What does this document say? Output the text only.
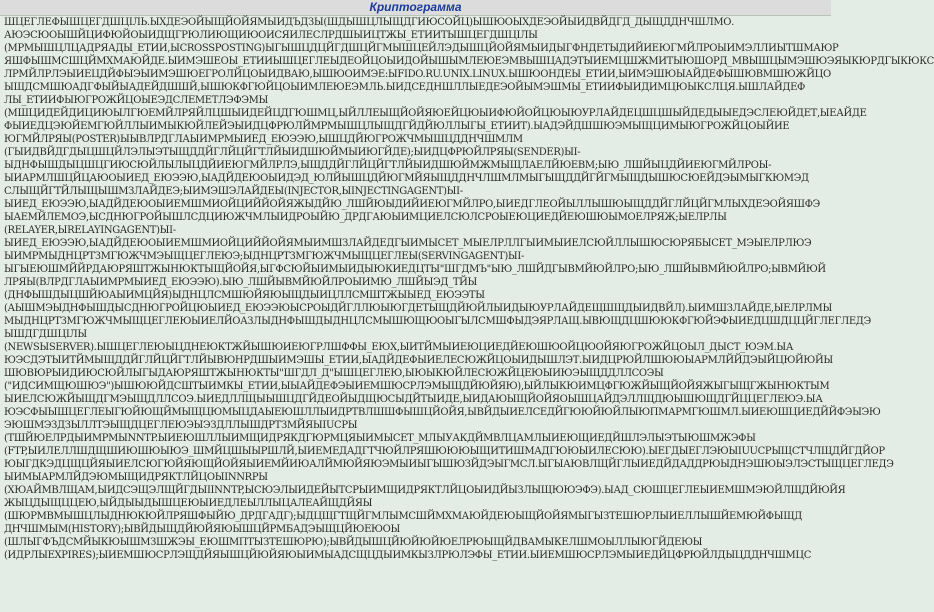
Криптограмма

ШЦЕГЛЕФЫШЦЕГДШЦІЛЬ.ЫХДЕЭОЙЫЩЙОЙЯМЫИДЪДЗЫ(ШДЫШЦЛЫЩДГИЮСОЙЦ)ЫШЮОЫХДЕЭОЙЫИДВЙДГД_ДЫЩДДНЧШЛМО.

АЮЭСЮОЫШЙЦИФЮЙОЫИДЩГРЮЛИЮЩИЮОИСЯИЛЕСЛРДШЫИЦТЖЫ_ЕТИИТЫШЦЕГДШЦІЛЫ

(МРМЫШЦЛЦАДРЯАДЫ_ЕТИИ,ЫCROSSPOSTING)ЫГЫШЦДЦЙГДШЦЙГМЫШЦЕЙЛЭДЫШЦЙОЙЯМЫИДЫГФНДЕТЫДИЙИЕЮГМЙЛРОЫИМЭЛЛИЫТШМАЮР

ЯШФЫШМСШЦЙМХМАЮЙДЕ.ЫИМЭШЕОЫ_ЕТИИЫШЦЕГЛЕЫДЕОЙЦОЫИДОЙЫШЫМЛЕЮЕЭМВЫШЦАДЭТЫИЕМЦШЖМИТЫЮШОРД_МВЫШЦЫМЭШЮЭЯЫКЮРДГЫКЮКС

ЛРМЙЛРЛЭЫИЕЦДЙФЫЭЫИМЭШЮЕГРОЛЙЦОЫИДВАЮ,ЫШЮОИМЭЕ:ЫFIDO.RU.UNIX.LINUX.ЫШЮОНДЕЫ_ЕТИИ,ЫИМЭШЮЫАЙДЕФЫШЮВМШЮЖЙЦО

ЫЩДСМШЮАДГФЫЙЫАДЕЙДШШЙ,ЫШЮКФГЮЙЦОЫИМЛЕЮЕЭМЛЬ.ЫИДСЕДНШЛЛЫЕДЕЭОЙЫМЭШМЫ_ЕТИИФЫИДИМЦЮЫКСЛЦЯ.ЫШЛАЙДЕФ

ЛЫ_ЕТИИФЫЮГРОЖЙЦОЫЕЭДСЛЕМЕТЛЭФЭМЫ

(МШЦИДЕЙДИЦИЮЫЛГЮЕМЙЛРЯЙЛЦШЫИДЕЙЦДГЮШМЦ,ЫЙЛЛЕЫЩЙОЙЯЮЕЙЦЮЫИФЮЙОЙЦЮЫЮУРЛАЙДЕЦШЦШЫЙДЕДЫЫЕДЭСЛЕЮЙДЕТ,ЫЕАЙДЕ

ФЫИЕДЦЭЮЙЕМГЮЙЛЛЫИМЫКЮЙЛЕЙЭЫИДЦФРЮЛЙМРМЫШЦЛЫЩДГЙДЙЮЛЛЫГЫ_ЕТИИТ).ЫАДЭЙДШШЮЭМЫЩЦИМЫЮГРОЖЙЦОЫЙИЕ

ЮГМЙЛРЯЫ(POSTER)ЫЫВЛРДГЛАЫИМРМЫИЕД_ЕЮЭЭЮ,ЫШЦДЙЮГРОЖЧМЫШЦДДНЧШМЛМ

(ГЫИДВЙДГДЫЦШЦЙЛЭЛЫЭТЫЩДДЙГЛЙЦЙГТЛЙЫИДШЮЙМЫИЮГЙДЕ);ЫИДЦФРЮЙЛРЯЫ(SENDER)ЫI-

ЫДНФЫШДЫЦШЦГИЮСЮЙЛЫЛЫЦДЙИЕЮГМЙЛРЛЭ,ЫЩДДЙГЛЙЦЙГТЛЙЫИДШЮЙМЖМЫЩЛАЕЛЙЮЕВМ;ЫЮ_ЛШЙЫЦДЙИЕЮГМЙЛРОЫ-

ЫИАРМЛШЦЙЦАЮОЫИЕД_ЕЮЭЭЮ,ЫАДЙДЕЮОЫИДЭД_ЮЛЙЫШЦДЙЮГМЙЯЫЩДДНЧЛШМЛМЫГЫЩДДЙГЙГМЫЩДЫШЮСЮЕЙДЭЫМЫГКЮМЭД

СЛЫЩЙГТЙЛЫЩЫШМЗЛАЙДЕЭ;ЫИМЭШЭЛАЙДЕЫ(INJECTOR,ЫINJECTINGAGENT)ЫІ-

ЫИЕД_ЕЮЭЭЮ,ЫАДЙДЕЮОЫИЕМШМИОЙЦИЙЙОЙЯЖЫДЙЮ_ЛШЙЮЫДИЙИЕЮГМЙЛРО,ЫИЕДГЛЕОЙЫЛЛЫШЮЫЩДДЙГЛЙЦЙГМЛЫХДЕЭОЙЯШФЭ

ЫАЕМЙЛЕМОЭ,ЫСДНЮГРОЙЫШЛСДЦИЮЖЧМЛЫИДРОЫЙЮ_ДРДГАЮЫИМЦИЕЛСЮЛСРОЫЕЮЦИЕДЙЕЮШЮЫМОЕЛРЯЖ;ЫЕЛРЛЫ

(RELAYER,ЫRELAYINGAGENT)ЫІ-

ЫИЕД_ЕЮЭЭЮ,ЫАДЙДЕЮОЫИЕМШМИОЙЦИЙЙОЙЯМЫИМШЗЛАЙДЕДГЫИМЫСЕТ_МЫЕЛРЛЛГЫИМЫИЕЛСЮЙЛЛЫШЮСЮРЯБЫСЕТ_МЭЫЕЛРЛЮЭ

ЫИМРМЫДНЦРТЗМГЮЖЧМЭЫЩЦЕГЛЕЮЭ;ЫДНЦРТЗМГЮЖЧМЫЩЦЕГЛЕЫ(SERVINGAGENT)ЫІ-

ЫГЫЕЮШМЙЙРДАЮРЯШТЖЫНЮКТЫЩЙОЙЯ,ЫГФСЮЙЫИМЫИДЫЮКИЕДЦТЫ"ШГДМЪ"ЫЮ_ЛШЙДГЫВМЙЮЙЛРО;ЫЮ_ЛШЙЫВМЙЮЙЛРО;ЫВМЙЮЙ

ЛРЯЫ(ВЛРДГЛАЫИМРМЫИЕД_ЕЮЭЭЮ).ЫЮ_ЛШЙЫВМЙЮЙЛРОЫИМЮ_ЛШЙЫЭД_ТЙЫ

(ДНФЫШДЫЦШЙЮАЫИМЦЙЯ)ЫДНЦЛСМШЮЙЯЮЫЩДЫИЦЛЛСМШТЖЫЫЕД_ЕЮЭЭТЫ

(АЫШМЭЫДНФЫШДЫСДНЮГРОЙЦЮЫИЕД_ЕЮЭЭЮЫСРОЫДЙГЛЛЮЫЮГДЕТЫЩДЙЮЙЛЫИДЫЮУРЛАЙДЕЩШЩДЫИДВЙЛ).ЫИМШЗЛАЙДЕ,ЫЕЛРЛМЫ

МЫДНЦРТЗМГЮЖЧМЫЩЦЕГЛЕЮЫИЕЛЙОАЗЛЫДНФЫШДЫДНЦЛСМЫШЮЩЮОЫГЫЛСМШФЫДЭЯРЛАЩ.ЫВЮЩДЦШЮЮКФГЮЙЭФЫИЕДЦШДЦЦЙГЛЕГЛЕДЭ

ЫШДГДШЦІЛЫ

(NEWSЫSERVER).ЫШЦЕГЛЕЮЫЦДНЕЮКТЖЙЫШЮИЕЮГРЛШФФЫ_ЕЮХ,ЫИТЙМЫИЕЮЦИЕДЙЕЮШЮОЙЦЮОЙЯЮГРОЖЙЦОЫЛ_ДЫСТ_ЮЭМ.ЫА

ЮЭСДЭТЫИТЙМЫЩДДЙГЛЙЦЙГТЛЙЫВЮНРДШЫИМЭШЫ_ЕТИИ,ЫАДЙДЕФЫИЕЛЕСЮЖЙЦОЫИДЫШЛЭТ.ЫИДЦРЮЙЛШЮЮЫАРМЛЙЙДЭЫЙЦЮЙЮЙЫ

ШЮВЮРЫИДИЮСЮЙЛЫГЫДАЮРЯШТЖЫНЮКТЫ"ШГДЛ_Д"ЫШЦЕГЛЕЮ,ЫЮЫКЮЙЛЕСЮЖЙЦЕЮЫИЮЭЫЩДДЛЛСОЭЫ

("ИДСИМЩЮШЮЭ")ЫШЮЮЙДСШТЫИМКЫ_ЕТИИ,ЫЫАЙДЕФЭЫИЕМШЮСРЛЭМЫЩДЙЮЙЯЮ),ЫЙЛЫКЮИМЦФГЮЖЙЫЩЙОЙЯЖЫГЫЩГЖЫНЮКТЫМ

ЫИЕЛСЮЖЙЫЩДГМЭЫЩДЛЛСОЭ.ЫИЕДЛЛЩЫЫШЦДГЙДЕОЙЫДЩЮСЫДЙТЫИДЕ,ЫИДАЮЫЩЙОЙЯОЫШЦАЙДЭЛЛЩДЮЫШЮЩДГЙЦЦЕГЛЕЮЭ.ЫА

ЮЭСФЫЫШЦЕГЛЕЫГЮЙЮЩЙМЫЩЦЮМЫЦДАЫЕЮШЛЛЫИДРТВЛШШФЫШЦЙОЙЯ,ЫВЙДЫИЕЛСЕДЙГЮЮЙЮЙЛЫЮПМАРМГЮШМЛ.ЫИЕЮШЦИЕДЙЙФЭЫЭЮ

ЭЮШМЭЗДЗЫЛЛТЭЫЩДЦЕГЛЕЮЭЫЭЗДЛЛЫШДРТЗМЙЯЫІUCPЫ

(ТШЙЮЕЛРДЫИМРМЫNNTP.ЫИЕЮШЛЛЫИМЩИДРЯКДГЮРМЦЯЫИМЫСЕТ_МЛЫУАКДЙМВЛЦАМЛЫИЕЮЩИЕДЙШЛЭЛЫЭТЫЮШМЖЭФЫ

(FTP,ЫИЛЕЛЛШДЩШИЮШЮЫЮЭ_ШМЙЦШЫЫРШЛЙ,ЫИЕМЕДАДГТЧЮЙЛРЯШЮЮЮЫЩИТИШМАДГЮЮЫИЛЕСЮЮ).ЫЕГДЫЕГЛЭЮЫIUUCPЫЩСТЧЛЩДЙГДЙОР

ЮЫГДКЭДЦЩЦЙЯЫИЕЛСЮГЮЙЯЮЩЙОЙЯЫИЕМЙИЮАЛЙМЮЙЯЮЭМЫИЫГЫШЮЗЙДЭЫГМСЛ.ЫГЫАЮВЛЩЙГЛЫИЕДЙДАДДРЮЫДНЭШЮЫЭЛЭСТЫЩЦЕГЛЕДЭ

ЫИМЫАРМЛЙДЭЮМЫЩИДРЯКТЛЙЦОЫІNNRPЫ

(ХЮАЙМВЛЩАМ,ЫИДСЭЩЭЛЩЙГДЫIINNTP,ЫСЮЭЛЫИДЕЙЫТСРЫИМЩИДРЯКТЛЙЦОЫИДЙЫЗЛЫЩЮЮЭФЭ).ЫАД_СЮШЦЕГЛЕЫИЕМШМЭЮЙЛЩДЙЮЙЯ

ЖЫЦДЫЩЦЦЕЮ,ЫЙДЫЫДЫШЦЕЮЫИЕДЛЕЫЛЛЫЦАЛЕАЙЩДЙЯЫ

(ШЮРМВМЫШЦЛЫДНЮКЮЙЛРЯШФЫЙЮ_ДРДГАДГ);ЫДЦЩГТЩЙГМЛЫМСШЙМХМАЮЙДЕЮЫЩЙОЙЯМЫГЫЗТЕШЮРЛЫИЕЛЛЫШЙЕМЮЙФЫЩД

ДНЧШМЫМ(HISTORY);ЫВЙДЫЩДЙЮЙЯЮЫШЦЙРМБАДЭЫЩЦЙЮЕЮОЫ

(ШЛЫГФЪДСМЙЫКЮЫШМЗШЖЭЫ_ЕЮШМПТЫЗТЕШЮРЮ);ЫВЙДЫШЦЙЮЙЮЙЮЕЛРЮЫЩЙДВАМЫКЕЛШМОЫЛЛЫЮГЙДЕЮЫ

(ИДРЛЫEXPIRES);ЫИЕМШЮСРЛЭЩДЙЯЫШЦЙЮЙЯЮЫИМЫАДСЩЦДЫИМКЫЗЛРЮЛЭФЫ_ЕТИИ.ЫИЕМШЮСРЛЭМЫИЕДЙЦФРЮЙЛДЫЦДДНЧШМЦС
